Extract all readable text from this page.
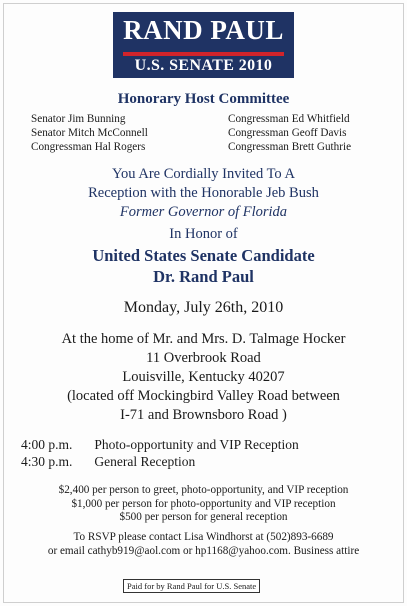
RAND PAUL
U.S. SENATE 2010
Honorary Host Committee
Senator Jim Bunning
Senator Mitch McConnell
Congressman Hal Rogers
Congressman Ed Whitfield
Congressman Geoff Davis
Congressman Brett Guthrie
You Are Cordially Invited To A
Reception with the Honorable Jeb Bush
Former Governor of Florida
In Honor of
United States Senate Candidate
Dr. Rand Paul
Monday, July 26th, 2010
At the home of Mr. and Mrs. D. Talmage Hocker
11 Overbrook Road
Louisville, Kentucky 40207
(located off Mockingbird Valley Road between
I-71 and Brownsboro Road )
4:00 p.m. Photo-opportunity and VIP Reception
4:30 p.m. General Reception
$2,400 per person to greet, photo-opportunity, and VIP reception
$1,000 per person for photo-opportunity and VIP reception
$500 per person for general reception
To RSVP please contact Lisa Windhorst at (502)893-6689
or email cathyb919@aol.com or hp1168@yahoo.com. Business attire
Paid for by Rand Paul for U.S. Senate
